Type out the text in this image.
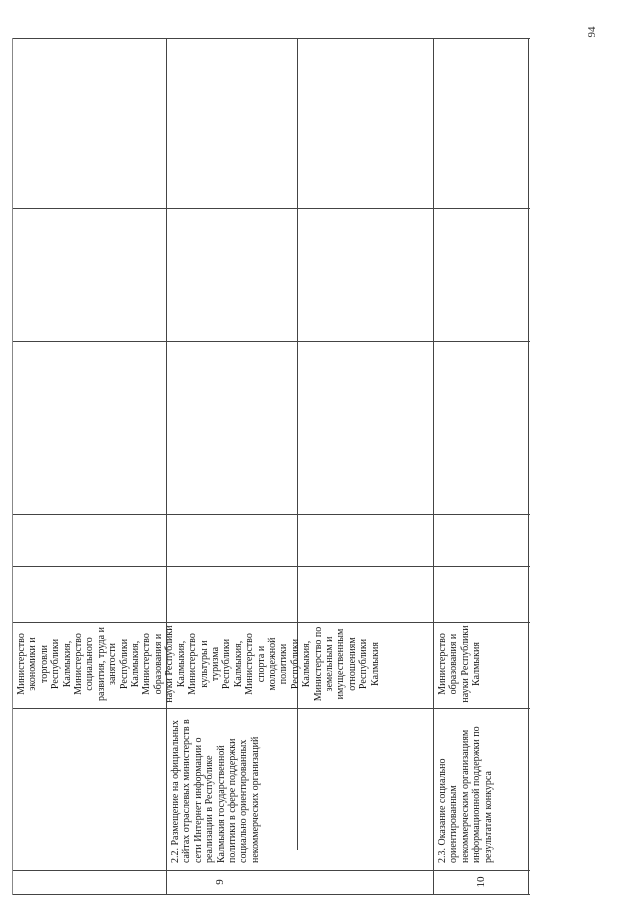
94
9
2.2. Размещение на официальных сайтах отраслевых министерств в сети Интернет информации о реализации в Республике Калмыкия государственной политики в сфере поддержки социально ориентированных некоммерческих организаций
Министерство экономики и торговли Республики Калмыкия, Министерство социального развития, труда и занятости Республики Калмыкия, Министерство образования и науки Республики Калмыкия, Министерство культуры и туризма Республики Калмыкия, Министерство спорта и молодежной политики Республики Калмыкия, Министерство по земельным и имущественным отношениям Республики Калмыкия
10
2.3. Оказание социально ориентированным некоммерческим организациям информационной поддержки по результатам конкурса
Министерство образования и науки Республики Калмыкия
